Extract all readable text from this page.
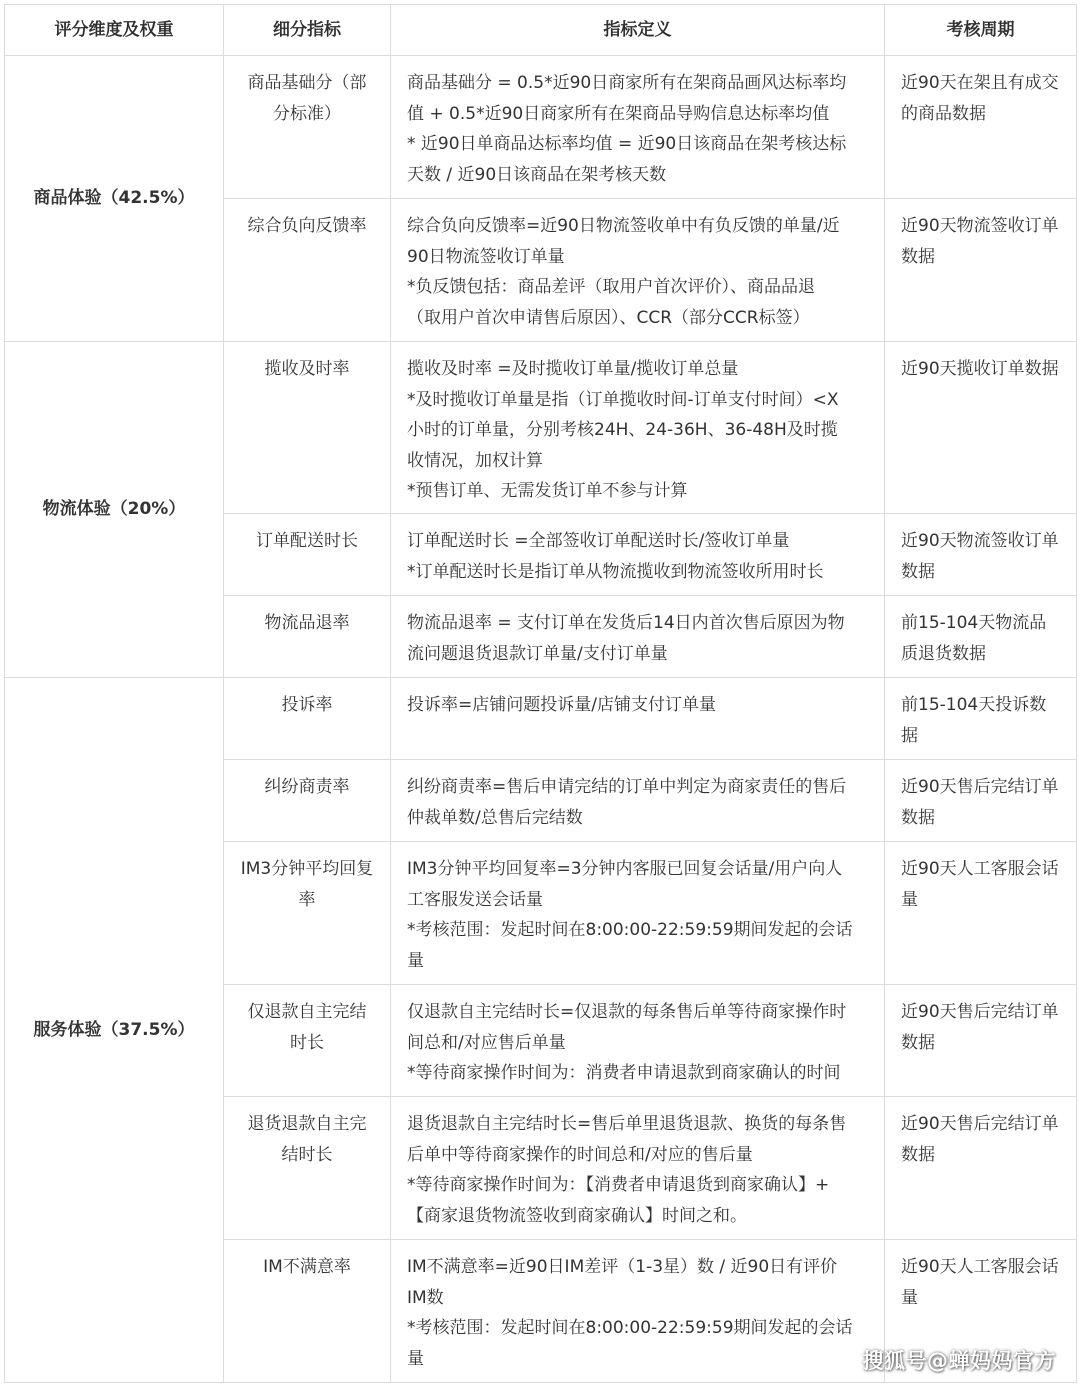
评分维度及权重	细分指标	指标定义	考核周期
商品体验（42.5%）	商品基础分（部分标准）	商品基础分 = 0.5*近90日商家所有在架商品画风达标率均
值 + 0.5*近90日商家所有在架商品导购信息达标率均值
* 近90日单商品达标率均值 = 近90日该商品在架考核达标
天数 / 近90日该商品在架考核天数	近90天在架且有成交的商品数据
	综合负向反馈率	综合负向反馈率=近90日物流签收单中有负反馈的单量/近
90日物流签收订单量
*负反馈包括：商品差评（取用户首次评价）、商品品退
（取用户首次申请售后原因）、CCR（部分CCR标签）	近90天物流签收订单数据
物流体验（20%）	揽收及时率	揽收及时率 =及时揽收订单量/揽收订单总量
*及时揽收订单量是指（订单揽收时间-订单支付时间）<X
小时的订单量，分别考核24H、24-36H、36-48H及时揽
收情况，加权计算
*预售订单、无需发货订单不参与计算	近90天揽收订单数据
	订单配送时长	订单配送时长 =全部签收订单配送时长/签收订单量
*订单配送时长是指订单从物流揽收到物流签收所用时长	近90天物流签收订单数据
	物流品退率	物流品退率 = 支付订单在发货后14日内首次售后原因为物
流问题退货退款订单量/支付订单量	前15-104天物流品质退货数据
服务体验（37.5%）	投诉率	投诉率=店铺问题投诉量/店铺支付订单量	前15-104天投诉数据
	纠纷商责率	纠纷商责率=售后申请完结的订单中判定为商家责任的售后
仲裁单数/总售后完结数	近90天售后完结订单数据
	IM3分钟平均回复率	IM3分钟平均回复率=3分钟内客服已回复会话量/用户向人
工客服发送会话量
*考核范围：发起时间在8:00:00-22:59:59期间发起的会话
量	近90天人工客服会话量
	仅退款自主完结时长	仅退款自主完结时长=仅退款的每条售后单等待商家操作时
间总和/对应售后单量
*等待商家操作时间为：消费者申请退款到商家确认的时间	近90天售后完结订单数据
	退货退款自主完结时长	退货退款自主完结时长=售后单里退货退款、换货的每条售
后单中等待商家操作的时间总和/对应的售后量
*等待商家操作时间为：【消费者申请退货到商家确认】+
【商家退货物流签收到商家确认】时间之和。	近90天售后完结订单数据
	IM不满意率	IM不满意率=近90日IM差评（1-3星）数 / 近90日有评价
IM数
*考核范围：发起时间在8:00:00-22:59:59期间发起的会话
量	近90天人工客服会话量
搜狐号@蝉妈妈官方
